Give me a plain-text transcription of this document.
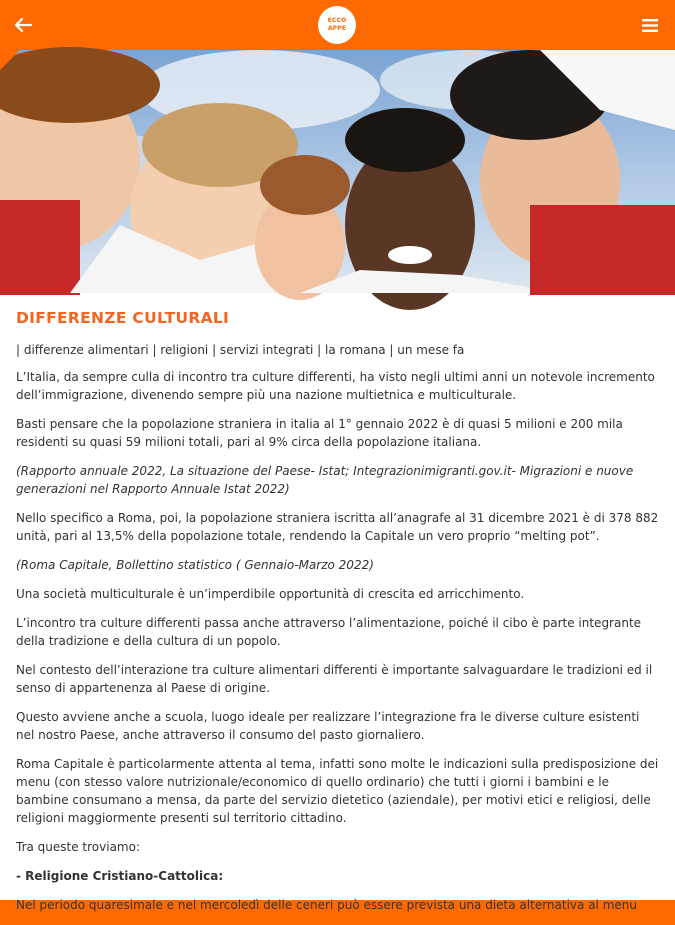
ECCO
APPE
DIFFERENZE CULTURALI
| differenze alimentari | religioni | servizi integrati | la romana | un mese fa
L’Italia, da sempre culla di incontro tra culture differenti, ha visto negli ultimi anni un notevole incremento dell’immigrazione, divenendo sempre più una nazione multietnica e multiculturale.
Basti pensare che la popolazione straniera in italia al 1° gennaio 2022 è di quasi 5 milioni e 200 mila residenti su quasi 59 milioni totali, pari al 9% circa della popolazione italiana.
(Rapporto annuale 2022, La situazione del Paese- Istat; Integrazionimigranti.gov.it- Migrazioni e nuove generazioni nel Rapporto Annuale Istat 2022)
Nello specifico a Roma, poi, la popolazione straniera iscritta all’anagrafe al 31 dicembre 2021 è di 378 882 unità, pari al 13,5% della popolazione totale, rendendo la Capitale un vero proprio “melting pot”.
(Roma Capitale, Bollettino statistico ( Gennaio-Marzo 2022)
Una società multiculturale è un’imperdibile opportunità di crescita ed arricchimento.
L’incontro tra culture differenti passa anche attraverso l’alimentazione, poiché il cibo è parte integrante della tradizione e della cultura di un popolo.
Nel contesto dell’interazione tra culture alimentari differenti è importante salvaguardare le tradizioni ed il senso di appartenenza al Paese di origine.
Questo avviene anche a scuola, luogo ideale per realizzare l’integrazione fra le diverse culture esistenti nel nostro Paese, anche attraverso il consumo del pasto giornaliero.
Roma Capitale è particolarmente attenta al tema, infatti sono molte le indicazioni sulla predisposizione dei menu (con stesso valore nutrizionale/economico di quello ordinario) che tutti i giorni i bambini e le bambine consumano a mensa, da parte del servizio dietetico (aziendale), per motivi etici e religiosi, delle religioni maggiormente presenti sul territorio cittadino.
Tra queste troviamo:
- Religione Cristiano-Cattolica:
Nel periodo quaresimale e nel mercoledì delle ceneri può essere prevista una dieta alternativa al menu
